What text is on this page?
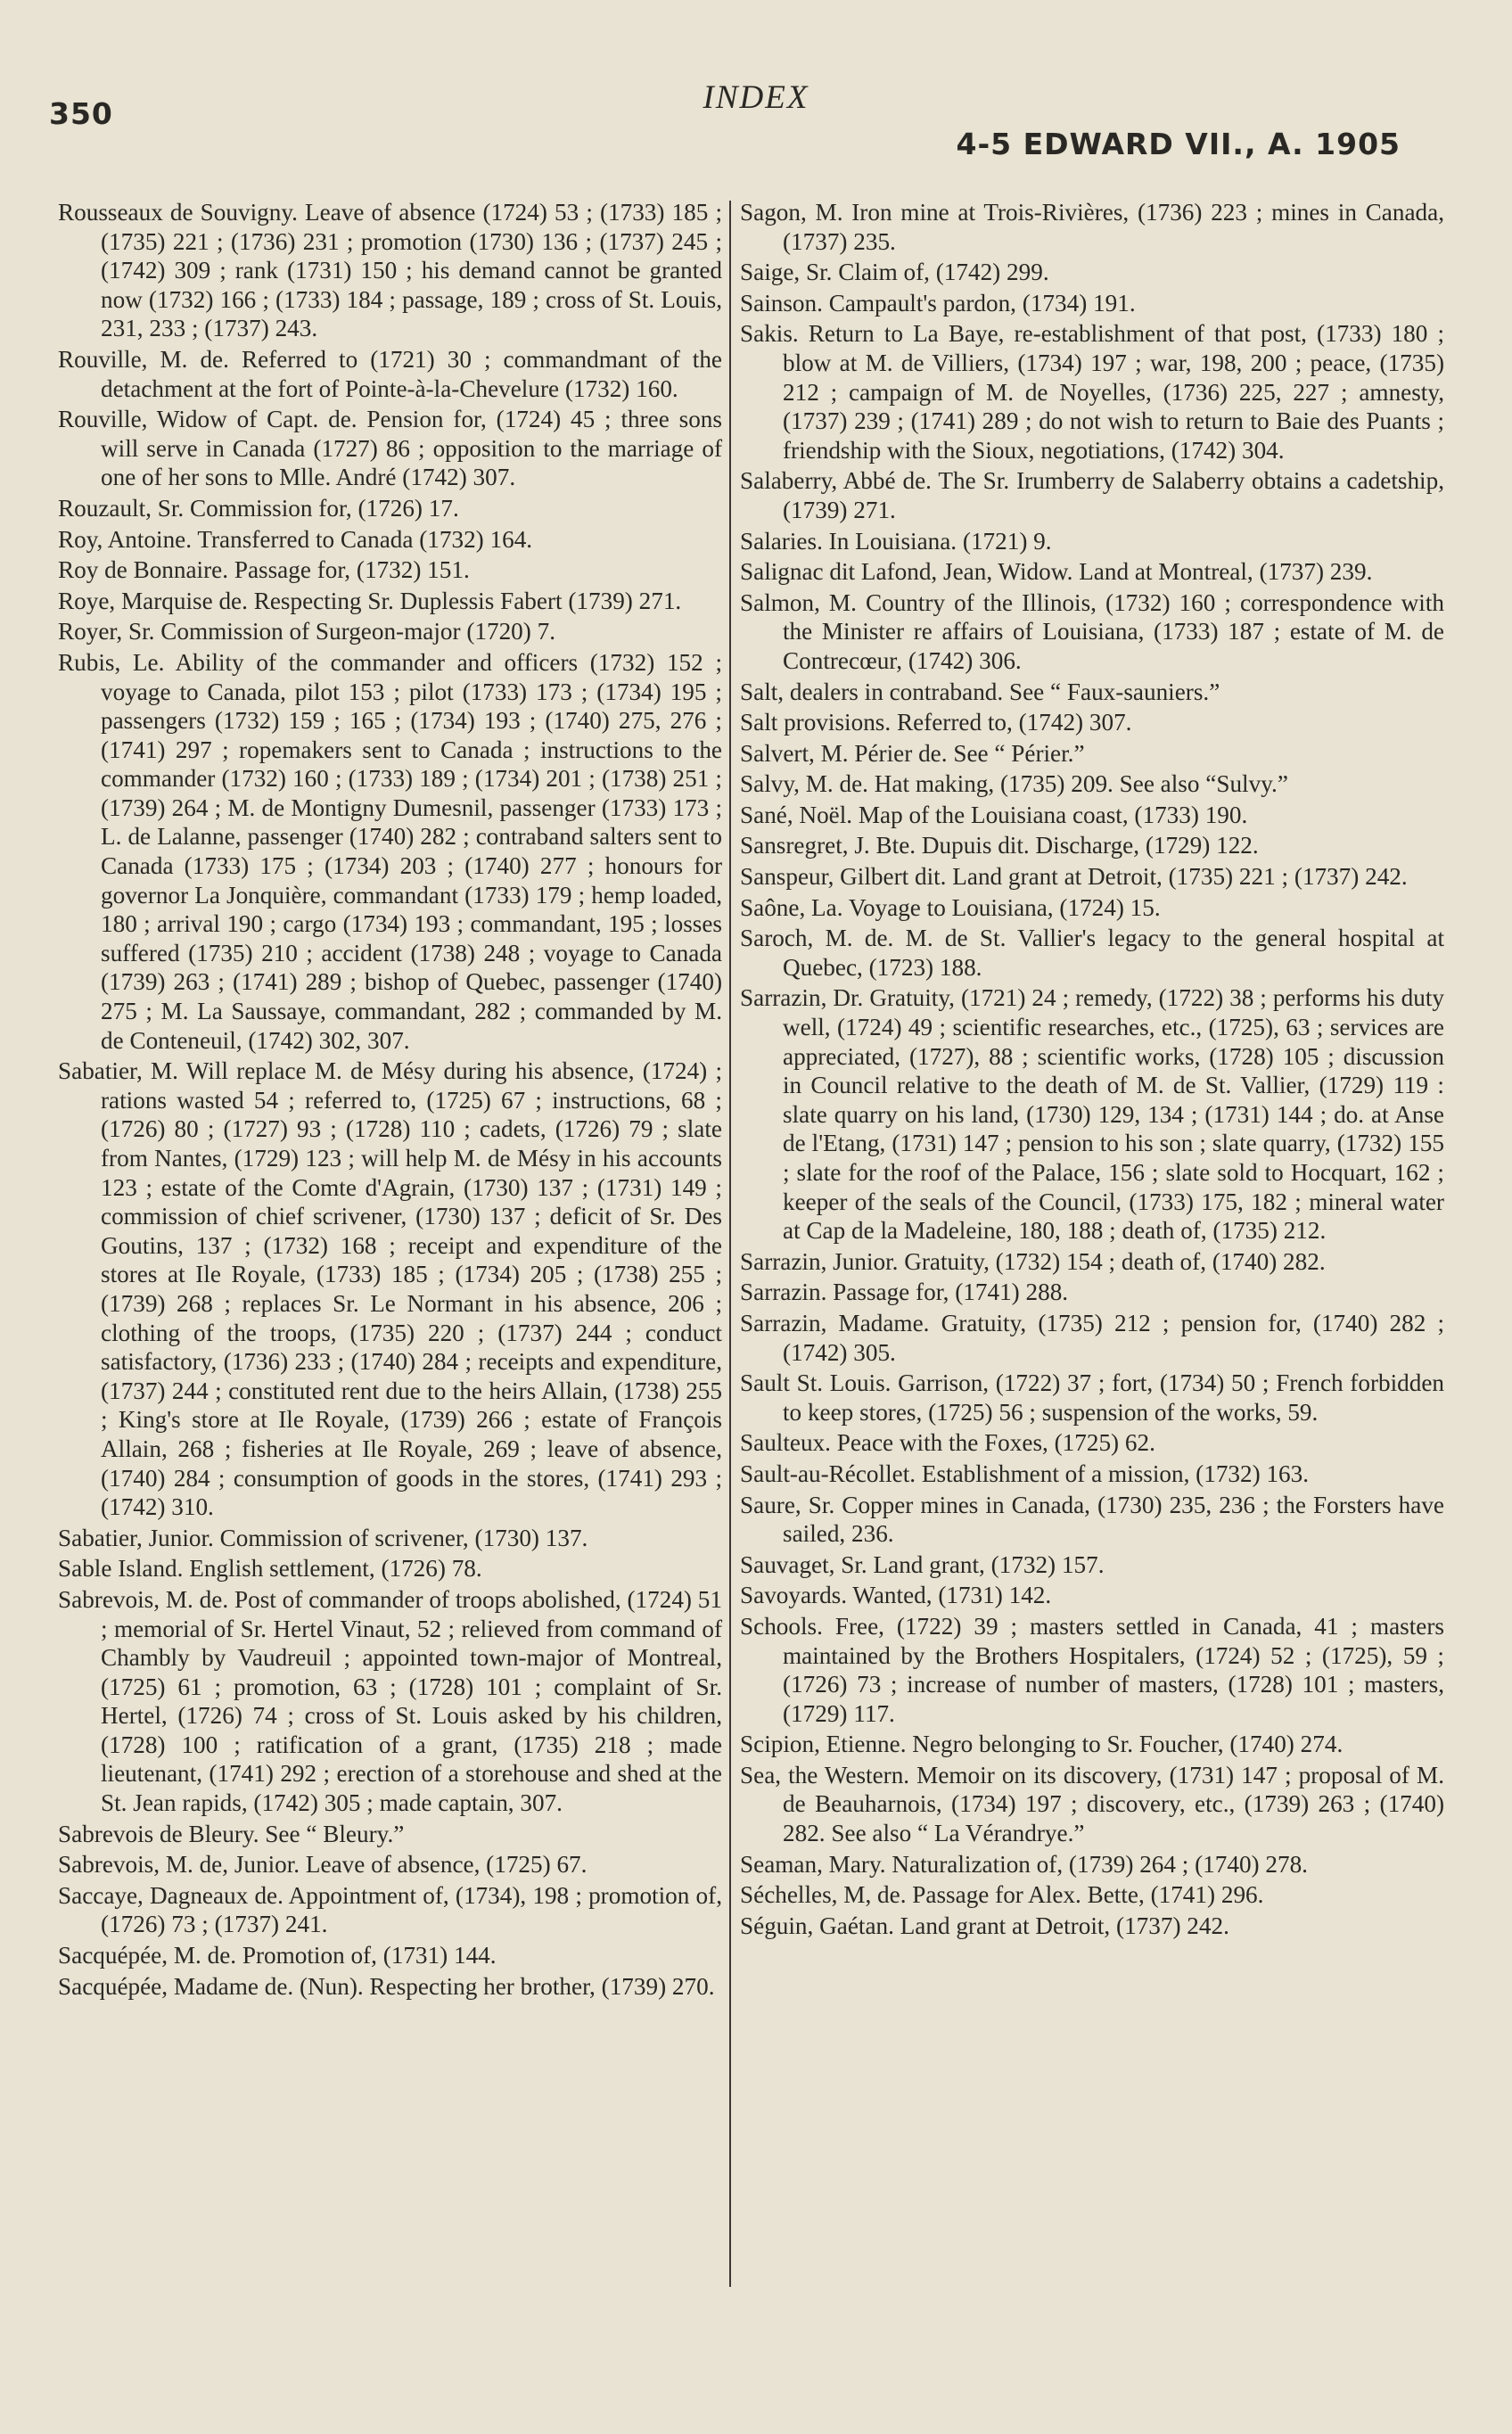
350	INDEX
4-5 EDWARD VII., A. 1905

Rousseaux de Souvigny. Leave of absence (1724) 53 ; (1733) 185 ; (1735) 221 ; (1736) 231 ; promotion (1730) 136 ; (1737) 245 ; (1742) 309 ; rank (1731) 150 ; his demand cannot be granted now (1732) 166 ; (1733) 184 ; passage, 189 ; cross of St. Louis, 231, 233 ; (1737) 243.

Rouville, M. de. Referred to (1721) 30 ; commandmant of the detachment at the fort of Pointe-à-la-Chevelure (1732) 160.

Rouville, Widow of Capt. de. Pension for, (1724) 45 ; three sons will serve in Canada (1727) 86 ; opposition to the marriage of one of her sons to Mlle. André (1742) 307.

Rouzault, Sr. Commission for, (1726) 17.

Roy, Antoine. Transferred to Canada (1732) 164.

Roy de Bonnaire. Passage for, (1732) 151.

Roye, Marquise de. Respecting Sr. Duplessis Fabert (1739) 271.

Royer, Sr. Commission of Surgeon-major (1720) 7.

Rubis, Le. Ability of the commander and officers (1732) 152 ; voyage to Canada, pilot 153 ; pilot (1733) 173 ; (1734) 195 ; passengers (1732) 159 ; 165 ; (1734) 193 ; (1740) 275, 276 ; (1741) 297 ; ropemakers sent to Canada ; instructions to the commander (1732) 160 ; (1733) 189 ; (1734) 201 ; (1738) 251 ; (1739) 264 ; M. de Montigny Dumesnil, passenger (1733) 173 ; L. de Lalanne, passenger (1740) 282 ; contraband salters sent to Canada (1733) 175 ; (1734) 203 ; (1740) 277 ; honours for governor La Jonquière, commandant (1733) 179 ; hemp loaded, 180 ; arrival 190 ; cargo (1734) 193 ; commandant, 195 ; losses suffered (1735) 210 ; accident (1738) 248 ; voyage to Canada (1739) 263 ; (1741) 289 ; bishop of Quebec, passenger (1740) 275 ; M. La Saussaye, commandant, 282 ; commanded by M. de Conteneuil, (1742) 302, 307.

Sabatier, M. Will replace M. de Mésy during his absence, (1724) ; rations wasted 54 ; referred to, (1725) 67 ; instructions, 68 ; (1726) 80 ; (1727) 93 ; (1728) 110 ; cadets, (1726) 79 ; slate from Nantes, (1729) 123 ; will help M. de Mésy in his accounts 123 ; estate of the Comte d'Agrain, (1730) 137 ; (1731) 149 ; commission of chief scrivener, (1730) 137 ; deficit of Sr. Des Goutins, 137 ; (1732) 168 ; receipt and expenditure of the stores at Ile Royale, (1733) 185 ; (1734) 205 ; (1738) 255 ; (1739) 268 ; replaces Sr. Le Normant in his absence, 206 ; clothing of the troops, (1735) 220 ; (1737) 244 ; conduct satisfactory, (1736) 233 ; (1740) 284 ; receipts and expenditure, (1737) 244 ; constituted rent due to the heirs Allain, (1738) 255 ; King's store at Ile Royale, (1739) 266 ; estate of François Allain, 268 ; fisheries at Ile Royale, 269 ; leave of absence, (1740) 284 ; consumption of goods in the stores, (1741) 293 ; (1742) 310.

Sabatier, Junior. Commission of scrivener, (1730) 137.

Sable Island. English settlement, (1726) 78.

Sabrevois, M. de. Post of commander of troops abolished, (1724) 51 ; memorial of Sr. Hertel Vinaut, 52 ; relieved from command of Chambly by Vaudreuil ; appointed town-major of Montreal, (1725) 61 ; promotion, 63 ; (1728) 101 ; complaint of Sr. Hertel, (1726) 74 ; cross of St. Louis asked by his children, (1728) 100 ; ratification of a grant, (1735) 218 ; made lieutenant, (1741) 292 ; erection of a storehouse and shed at the St. Jean rapids, (1742) 305 ; made captain, 307.

Sabrevois de Bleury. See “ Bleury.”

Sabrevois, M. de, Junior. Leave of absence, (1725) 67.

Saccaye, Dagneaux de. Appointment of, (1734), 198 ; promotion of, (1726) 73 ; (1737) 241.

Sacquépée, M. de. Promotion of, (1731) 144.

Sacquépée, Madame de. (Nun). Respecting her brother, (1739) 270.

Sagon, M. Iron mine at Trois-Rivières, (1736) 223 ; mines in Canada, (1737) 235.

Saige, Sr. Claim of, (1742) 299.

Sainson. Campault's pardon, (1734) 191.

Sakis. Return to La Baye, re-establishment of that post, (1733) 180 ; blow at M. de Villiers, (1734) 197 ; war, 198, 200 ; peace, (1735) 212 ; campaign of M. de Noyelles, (1736) 225, 227 ; amnesty, (1737) 239 ; (1741) 289 ; do not wish to return to Baie des Puants ; friendship with the Sioux, negotiations, (1742) 304.

Salaberry, Abbé de. The Sr. Irumberry de Salaberry obtains a cadetship, (1739) 271.

Salaries. In Louisiana. (1721) 9.

Salignac dit Lafond, Jean, Widow. Land at Montreal, (1737) 239.

Salmon, M. Country of the Illinois, (1732) 160 ; correspondence with the Minister re affairs of Louisiana, (1733) 187 ; estate of M. de Contrecœur, (1742) 306.

Salt, dealers in contraband. See “ Faux-sauniers.”

Salt provisions. Referred to, (1742) 307.

Salvert, M. Périer de. See “ Périer.”

Salvy, M. de. Hat making, (1735) 209. See also “Sulvy.”

Sané, Noël. Map of the Louisiana coast, (1733) 190.

Sansregret, J. Bte. Dupuis dit. Discharge, (1729) 122.

Sanspeur, Gilbert dit. Land grant at Detroit, (1735) 221 ; (1737) 242.

Saône, La. Voyage to Louisiana, (1724) 15.

Saroch, M. de. M. de St. Vallier's legacy to the general hospital at Quebec, (1723) 188.

Sarrazin, Dr. Gratuity, (1721) 24 ; remedy, (1722) 38 ; performs his duty well, (1724) 49 ; scientific researches, etc., (1725), 63 ; services are appreciated, (1727), 88 ; scientific works, (1728) 105 ; discussion in Council relative to the death of M. de St. Vallier, (1729) 119 : slate quarry on his land, (1730) 129, 134 ; (1731) 144 ; do. at Anse de l'Etang, (1731) 147 ; pension to his son ; slate quarry, (1732) 155 ; slate for the roof of the Palace, 156 ; slate sold to Hocquart, 162 ; keeper of the seals of the Council, (1733) 175, 182 ; mineral water at Cap de la Madeleine, 180, 188 ; death of, (1735) 212.

Sarrazin, Junior. Gratuity, (1732) 154 ; death of, (1740) 282.

Sarrazin. Passage for, (1741) 288.

Sarrazin, Madame. Gratuity, (1735) 212 ; pension for, (1740) 282 ; (1742) 305.

Sault St. Louis. Garrison, (1722) 37 ; fort, (1734) 50 ; French forbidden to keep stores, (1725) 56 ; suspension of the works, 59.

Saulteux. Peace with the Foxes, (1725) 62.

Sault-au-Récollet. Establishment of a mission, (1732) 163.

Saure, Sr. Copper mines in Canada, (1730) 235, 236 ; the Forsters have sailed, 236.

Sauvaget, Sr. Land grant, (1732) 157.

Savoyards. Wanted, (1731) 142.

Schools. Free, (1722) 39 ; masters settled in Canada, 41 ; masters maintained by the Brothers Hospitalers, (1724) 52 ; (1725), 59 ; (1726) 73 ; increase of number of masters, (1728) 101 ; masters, (1729) 117.

Scipion, Etienne. Negro belonging to Sr. Foucher, (1740) 274.

Sea, the Western. Memoir on its discovery, (1731) 147 ; proposal of M. de Beauharnois, (1734) 197 ; discovery, etc., (1739) 263 ; (1740) 282. See also “ La Vérandrye.”

Seaman, Mary. Naturalization of, (1739) 264 ; (1740) 278.

Séchelles, M, de. Passage for Alex. Bette, (1741) 296.

Séguin, Gaétan. Land grant at Detroit, (1737) 242.
